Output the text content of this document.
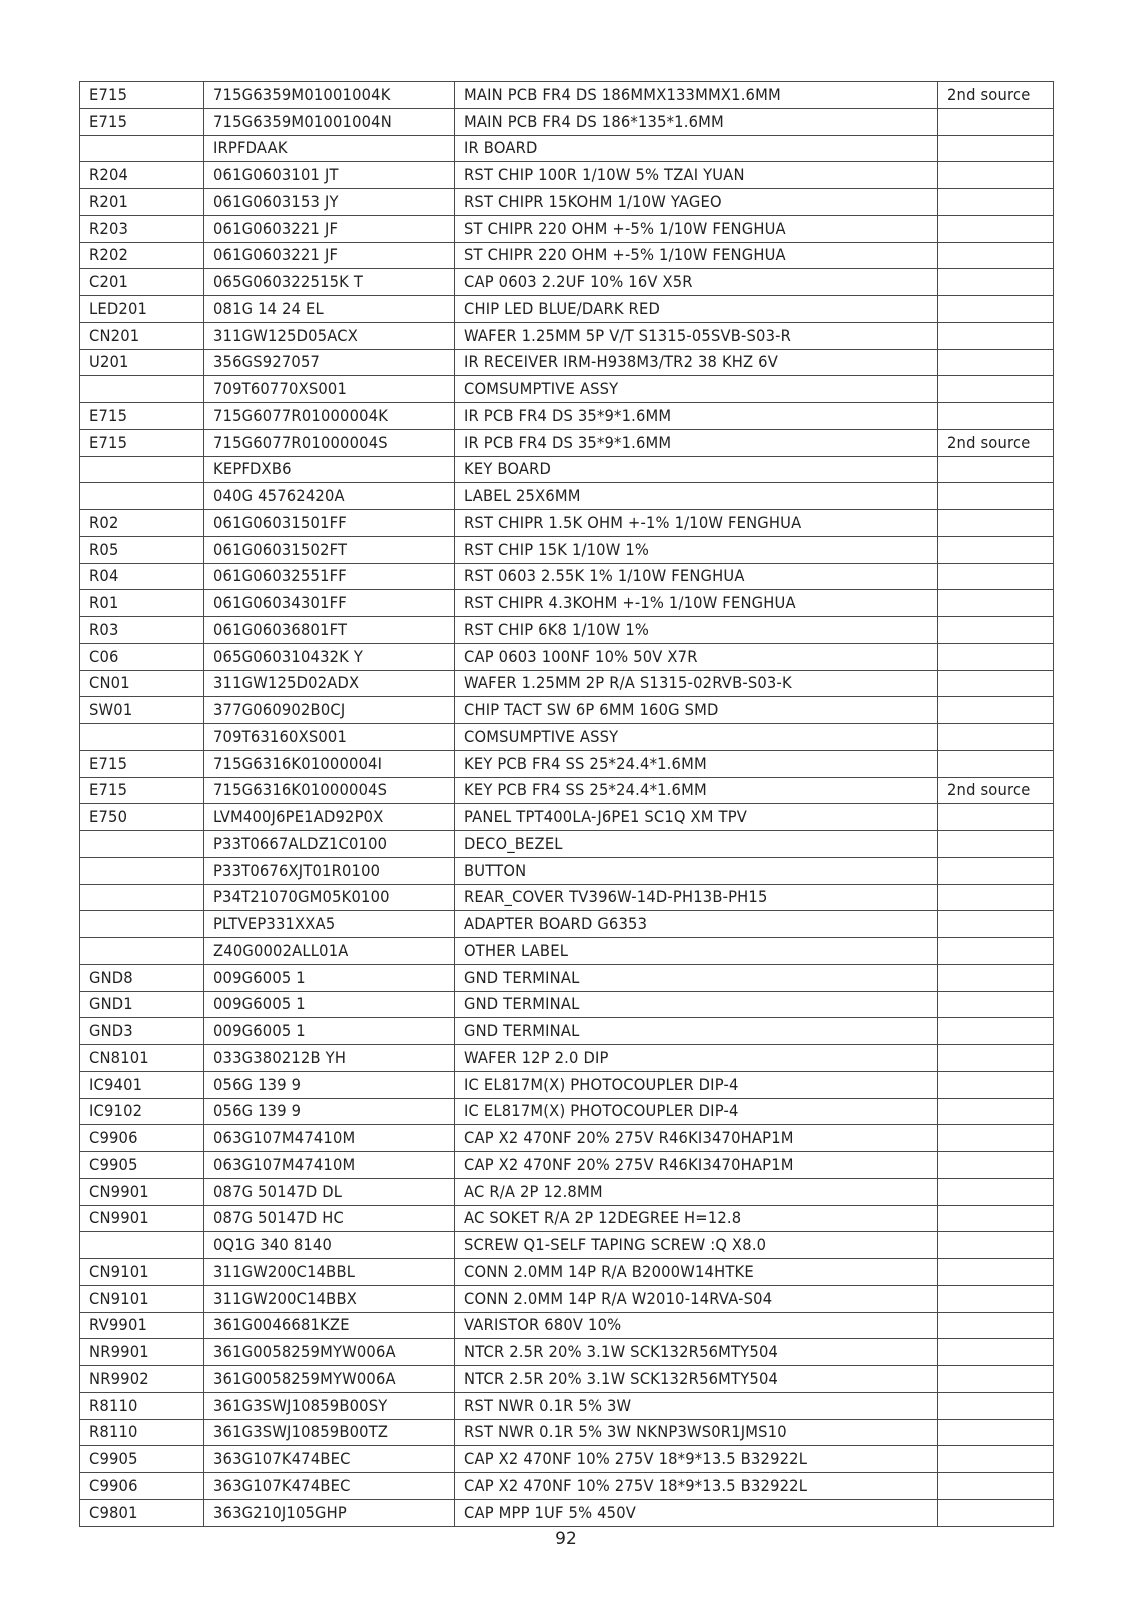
E715	715G6359M01001004K	MAIN PCB FR4 DS 186MMX133MMX1.6MM	2nd source
E715	715G6359M01001004N	MAIN PCB FR4 DS 186*135*1.6MM	
	IRPFDAAK	IR BOARD	
R204	061G0603101 JT	RST CHIP 100R 1/10W 5% TZAI YUAN	
R201	061G0603153 JY	RST CHIPR 15KOHM 1/10W YAGEO	
R203	061G0603221 JF	ST CHIPR 220 OHM +-5% 1/10W FENGHUA	
R202	061G0603221 JF	ST CHIPR 220 OHM +-5% 1/10W FENGHUA	
C201	065G060322515K T	CAP 0603 2.2UF 10% 16V X5R	
LED201	081G 14 24 EL	CHIP LED BLUE/DARK RED	
CN201	311GW125D05ACX	WAFER 1.25MM 5P V/T S1315-05SVB-S03-R	
U201	356GS927057	IR RECEIVER IRM-H938M3/TR2 38 KHZ 6V	
	709T60770XS001	COMSUMPTIVE ASSY	
E715	715G6077R01000004K	IR PCB FR4 DS 35*9*1.6MM	
E715	715G6077R01000004S	IR PCB FR4 DS 35*9*1.6MM	2nd source
	KEPFDXB6	KEY BOARD	
	040G 45762420A	LABEL 25X6MM	
R02	061G06031501FF	RST CHIPR 1.5K OHM +-1% 1/10W FENGHUA	
R05	061G06031502FT	RST CHIP 15K 1/10W 1%	
R04	061G06032551FF	RST 0603 2.55K 1% 1/10W FENGHUA	
R01	061G06034301FF	RST CHIPR 4.3KOHM +-1% 1/10W FENGHUA	
R03	061G06036801FT	RST CHIP 6K8 1/10W 1%	
C06	065G060310432K Y	CAP 0603 100NF 10% 50V X7R	
CN01	311GW125D02ADX	WAFER 1.25MM 2P R/A S1315-02RVB-S03-K	
SW01	377G060902B0CJ	CHIP TACT SW 6P 6MM 160G SMD	
	709T63160XS001	COMSUMPTIVE ASSY	
E715	715G6316K01000004I	KEY PCB FR4 SS 25*24.4*1.6MM	
E715	715G6316K01000004S	KEY PCB FR4 SS 25*24.4*1.6MM	2nd source
E750	LVM400J6PE1AD92P0X	PANEL TPT400LA-J6PE1 SC1Q XM TPV	
	P33T0667ALDZ1C0100	DECO_BEZEL	
	P33T0676XJT01R0100	BUTTON	
	P34T21070GM05K0100	REAR_COVER TV396W-14D-PH13B-PH15	
	PLTVEP331XXA5	ADAPTER BOARD G6353	
	Z40G0002ALL01A	OTHER LABEL	
GND8	009G6005 1	GND TERMINAL	
GND1	009G6005 1	GND TERMINAL	
GND3	009G6005 1	GND TERMINAL	
CN8101	033G380212B YH	WAFER 12P 2.0 DIP	
IC9401	056G 139 9	IC EL817M(X) PHOTOCOUPLER DIP-4	
IC9102	056G 139 9	IC EL817M(X) PHOTOCOUPLER DIP-4	
C9906	063G107M47410M	CAP X2 470NF 20% 275V R46KI3470HAP1M	
C9905	063G107M47410M	CAP X2 470NF 20% 275V R46KI3470HAP1M	
CN9901	087G 50147D DL	AC R/A 2P 12.8MM	
CN9901	087G 50147D HC	AC SOKET R/A 2P 12DEGREE H=12.8	
	0Q1G 340 8140	SCREW Q1-SELF TAPING SCREW :Q X8.0	
CN9101	311GW200C14BBL	CONN 2.0MM 14P R/A B2000W14HTKE	
CN9101	311GW200C14BBX	CONN 2.0MM 14P R/A W2010-14RVA-S04	
RV9901	361G0046681KZE	VARISTOR 680V 10%	
NR9901	361G0058259MYW006A	NTCR 2.5R 20% 3.1W SCK132R56MTY504	
NR9902	361G0058259MYW006A	NTCR 2.5R 20% 3.1W SCK132R56MTY504	
R8110	361G3SWJ10859B00SY	RST NWR 0.1R 5% 3W	
R8110	361G3SWJ10859B00TZ	RST NWR 0.1R 5% 3W NKNP3WS0R1JMS10	
C9905	363G107K474BEC	CAP X2 470NF 10% 275V 18*9*13.5 B32922L	
C9906	363G107K474BEC	CAP X2 470NF 10% 275V 18*9*13.5 B32922L	
C9801	363G210J105GHP	CAP MPP 1UF 5% 450V	
92
